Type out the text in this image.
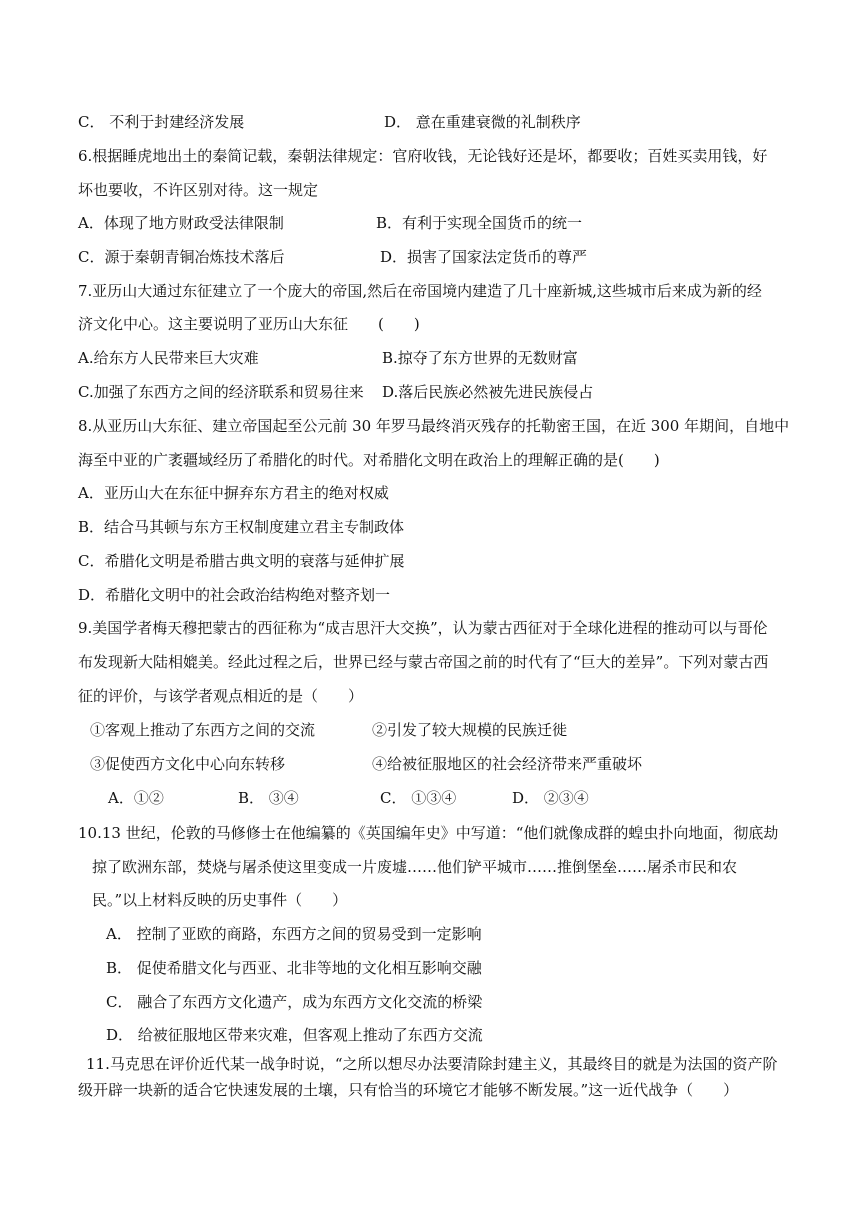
C． 不利于封建经济发展	D． 意在重建衰微的礼制秩序
6.根据睡虎地出土的秦简记载，秦朝法律规定：官府收钱，无论钱好还是坏，都要收；百姓买卖用钱，好
坏也要收，不许区别对待。这一规定
A．体现了地方财政受法律限制	B．有利于实现全国货币的统一
C．源于秦朝青铜冶炼技术落后	D．损害了国家法定货币的尊严
7.亚历山大通过东征建立了一个庞大的帝国,然后在帝国境内建造了几十座新城,这些城市后来成为新的经
济文化中心。这主要说明了亚历山大东征　　(　　)
A.给东方人民带来巨大灾难	B.掠夺了东方世界的无数财富
C.加强了东西方之间的经济联系和贸易往来 D.落后民族必然被先进民族侵占
8.从亚历山大东征、建立帝国起至公元前 30 年罗马最终消灭残存的托勒密王国，在近 300 年期间，自地中
海至中亚的广袤疆域经历了希腊化的时代。对希腊化文明在政治上的理解正确的是(　　)
A．亚历山大在东征中摒弃东方君主的绝对权威
B．结合马其顿与东方王权制度建立君主专制政体
C．希腊化文明是希腊古典文明的衰落与延伸扩展
D．希腊化文明中的社会政治结构绝对整齐划一
9.美国学者梅天穆把蒙古的西征称为“成吉思汗大交换”，认为蒙古西征对于全球化进程的推动可以与哥伦
布发现新大陆相媲美。经此过程之后，世界已经与蒙古帝国之前的时代有了“巨大的差异”。下列对蒙古西
征的评价，与该学者观点相近的是（　　）
①客观上推动了东西方之间的交流	②引发了较大规模的民族迁徙
③促使西方文化中心向东转移	④给被征服地区的社会经济带来严重破坏
A．①②	B． ③④	C． ①③④	D． ②③④
10.13 世纪，伦敦的马修修士在他编纂的《英国编年史》中写道：“他们就像成群的蝗虫扑向地面，彻底劫
掠了欧洲东部，焚烧与屠杀使这里变成一片废墟……他们铲平城市……推倒堡垒……屠杀市民和农
民。”以上材料反映的历史事件（　　）
A． 控制了亚欧的商路，东西方之间的贸易受到一定影响
B． 促使希腊文化与西亚、北非等地的文化相互影响交融
C． 融合了东西方文化遗产，成为东西方文化交流的桥梁
D． 给被征服地区带来灾难，但客观上推动了东西方交流
11.马克思在评价近代某一战争时说，“之所以想尽办法要清除封建主义，其最终目的就是为法国的资产阶
级开辟一块新的适合它快速发展的土壤，只有恰当的环境它才能够不断发展。”这一近代战争（　　）
